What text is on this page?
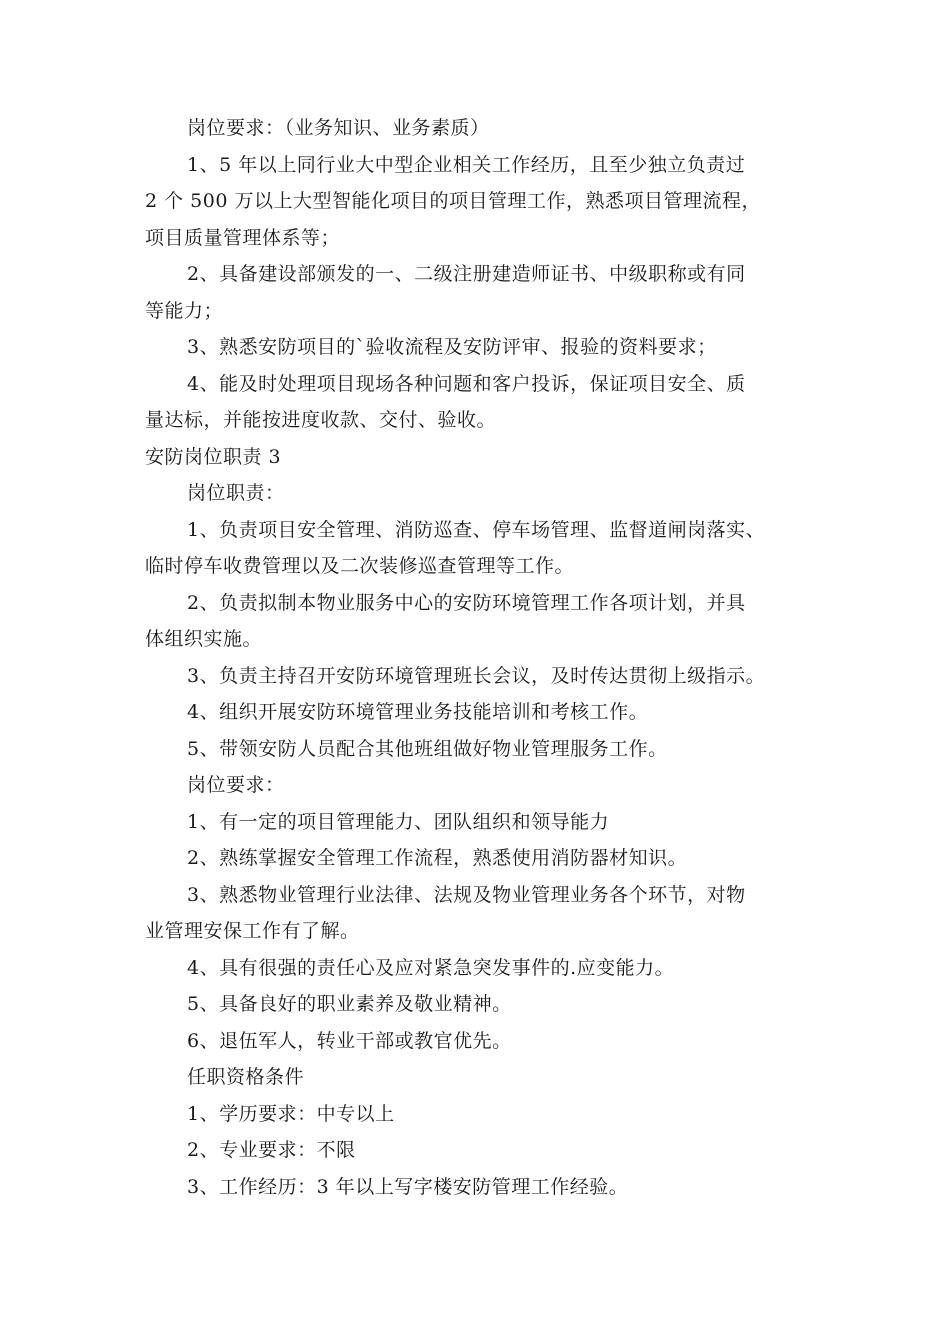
岗位要求：（业务知识、业务素质）

1、5 年以上同行业大中型企业相关工作经历，且至少独立负责过

2 个 500 万以上大型智能化项目的项目管理工作，熟悉项目管理流程，

项目质量管理体系等；

2、具备建设部颁发的一、二级注册建造师证书、中级职称或有同

等能力；

3、熟悉安防项目的`验收流程及安防评审、报验的资料要求；

4、能及时处理项目现场各种问题和客户投诉，保证项目安全、质

量达标，并能按进度收款、交付、验收。

安防岗位职责 3

岗位职责：

1、负责项目安全管理、消防巡查、停车场管理、监督道闸岗落实、

临时停车收费管理以及二次装修巡查管理等工作。

2、负责拟制本物业服务中心的安防环境管理工作各项计划，并具

体组织实施。

3、负责主持召开安防环境管理班长会议，及时传达贯彻上级指示。

4、组织开展安防环境管理业务技能培训和考核工作。

5、带领安防人员配合其他班组做好物业管理服务工作。

岗位要求：

1、有一定的项目管理能力、团队组织和领导能力

2、熟练掌握安全管理工作流程，熟悉使用消防器材知识。

3、熟悉物业管理行业法律、法规及物业管理业务各个环节，对物

业管理安保工作有了解。

4、具有很强的责任心及应对紧急突发事件的.应变能力。

5、具备良好的职业素养及敬业精神。

6、退伍军人，转业干部或教官优先。

任职资格条件

1、学历要求：中专以上

2、专业要求：不限

3、工作经历：3 年以上写字楼安防管理工作经验。
